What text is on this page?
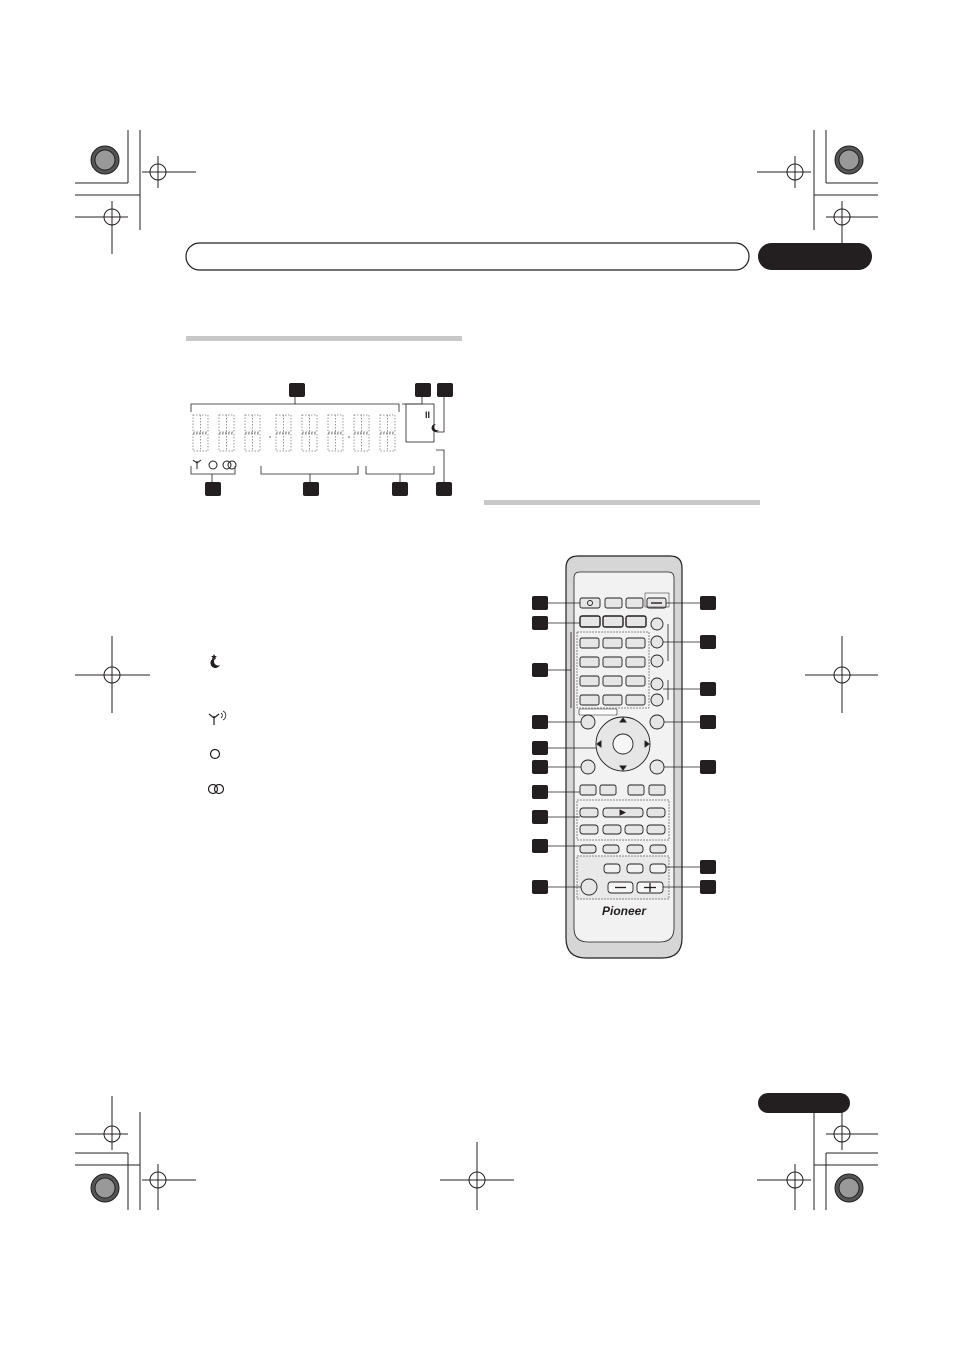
II
Pioneer
